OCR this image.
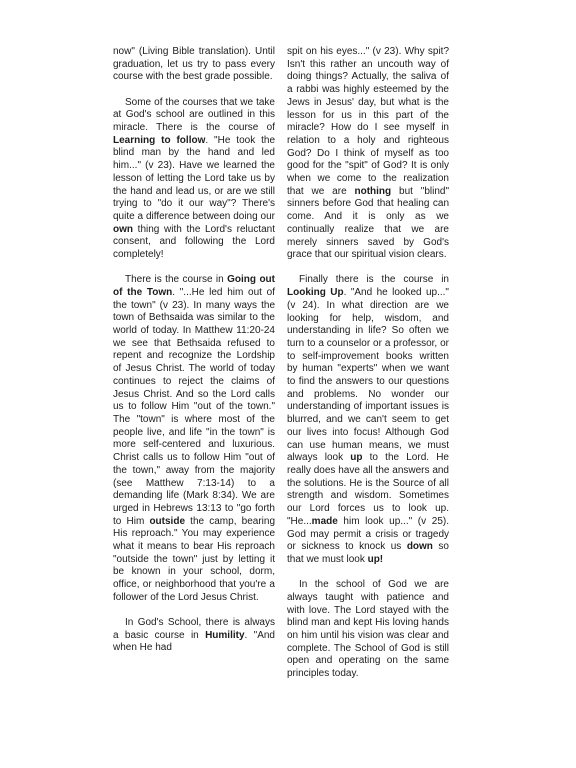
now" (Living Bible translation). Until graduation, let us try to pass every course with the best grade possible.

Some of the courses that we take at God's school are outlined in this miracle. There is the course of Learning to follow. "He took the blind man by the hand and led him..." (v 23). Have we learned the lesson of letting the Lord take us by the hand and lead us, or are we still trying to "do it our way"? There's quite a difference between doing our own thing with the Lord's reluctant consent, and following the Lord completely!

There is the course in Going out of the Town. "...He led him out of the town" (v 23). In many ways the town of Bethsaida was similar to the world of today. In Matthew 11:20-24 we see that Bethsaida refused to repent and recognize the Lordship of Jesus Christ. The world of today continues to reject the claims of Jesus Christ. And so the Lord calls us to follow Him "out of the town." The "town" is where most of the people live, and life "in the town" is more self-centered and luxurious. Christ calls us to follow Him "out of the town," away from the majority (see Matthew 7:13-14) to a demanding life (Mark 8:34). We are urged in Hebrews 13:13 to "go forth to Him outside the camp, bearing His reproach." You may experience what it means to bear His reproach "outside the town" just by letting it be known in your school, dorm, office, or neighborhood that you're a follower of the Lord Jesus Christ.

In God's School, there is always a basic course in Humility. "And when He had

spit on his eyes..." (v 23). Why spit? Isn't this rather an uncouth way of doing things? Actually, the saliva of a rabbi was highly esteemed by the Jews in Jesus' day, but what is the lesson for us in this part of the miracle? How do I see myself in relation to a holy and righteous God? Do I think of myself as too good for the "spit" of God? It is only when we come to the realization that we are nothing but "blind" sinners before God that healing can come. And it is only as we continually realize that we are merely sinners saved by God's grace that our spiritual vision clears.

Finally there is the course in Looking Up. "And he looked up..." (v 24). In what direction are we looking for help, wisdom, and understanding in life? So often we turn to a counselor or a professor, or to self-improvement books written by human "experts" when we want to find the answers to our questions and problems. No wonder our understanding of important issues is blurred, and we can't seem to get our lives into focus! Although God can use human means, we must always look up to the Lord. He really does have all the answers and the solutions. He is the Source of all strength and wisdom. Sometimes our Lord forces us to look up. "He...made him look up..." (v 25). God may permit a crisis or tragedy or sickness to knock us down so that we must look up!

In the school of God we are always taught with patience and with love. The Lord stayed with the blind man and kept His loving hands on him until his vision was clear and complete. The School of God is still open and operating on the same principles today.
